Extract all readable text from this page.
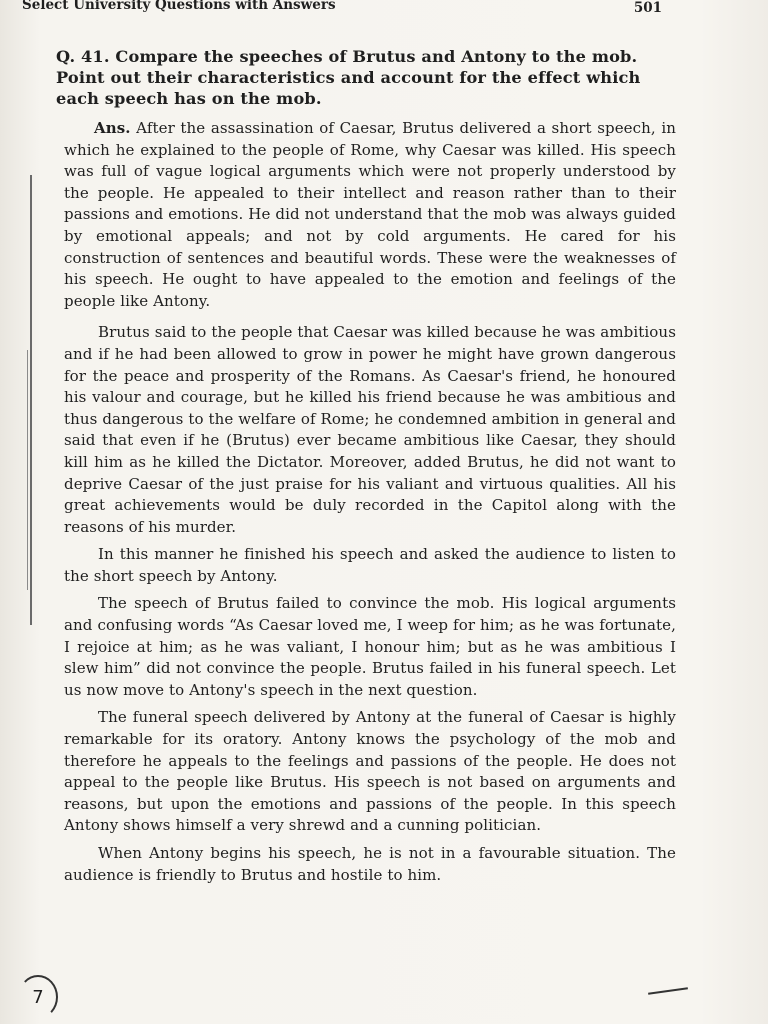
Select University Questions with Answers	501
Q. 41. Compare the speeches of Brutus and Antony to the mob. Point out their characteristics and account for the effect which each speech has on the mob.

Ans. After the assassination of Caesar, Brutus delivered a short speech, in which he explained to the people of Rome, why Caesar was killed. His speech was full of vague logical arguments which were not properly understood by the people. He appealed to their intellect and reason rather than to their passions and emotions. He did not understand that the mob was always guided by emotional appeals; and not by cold arguments. He cared for his construction of sentences and beautiful words. These were the weaknesses of his speech. He ought to have appealed to the emotion and feelings of the people like Antony.

Brutus said to the people that Caesar was killed because he was ambitious and if he had been allowed to grow in power he might have grown dangerous for the peace and prosperity of the Romans. As Caesar's friend, he honoured his valour and courage, but he killed his friend because he was ambitious and thus dangerous to the welfare of Rome; he condemned ambition in general and said that even if he (Brutus) ever became ambitious like Caesar, they should kill him as he killed the Dictator. Moreover, added Brutus, he did not want to deprive Caesar of the just praise for his valiant and virtuous qualities. All his great achievements would be duly recorded in the Capitol along with the reasons of his murder.

In this manner he finished his speech and asked the audience to listen to the short speech by Antony.

The speech of Brutus failed to convince the mob. His logical arguments and confusing words “As Caesar loved me, I weep for him; as he was fortunate, I rejoice at him; as he was valiant, I honour him; but as he was ambitious I slew him” did not convince the people. Brutus failed in his funeral speech. Let us now move to Antony's speech in the next question.

The funeral speech delivered by Antony at the funeral of Caesar is highly remarkable for its oratory. Antony knows the psychology of the mob and therefore he appeals to the feelings and passions of the people. He does not appeal to the people like Brutus. His speech is not based on arguments and reasons, but upon the emotions and passions of the people. In this speech Antony shows himself a very shrewd and a cunning politician.

When Antony begins his speech, he is not in a favourable situation. The audience is friendly to Brutus and hostile to him.

7
